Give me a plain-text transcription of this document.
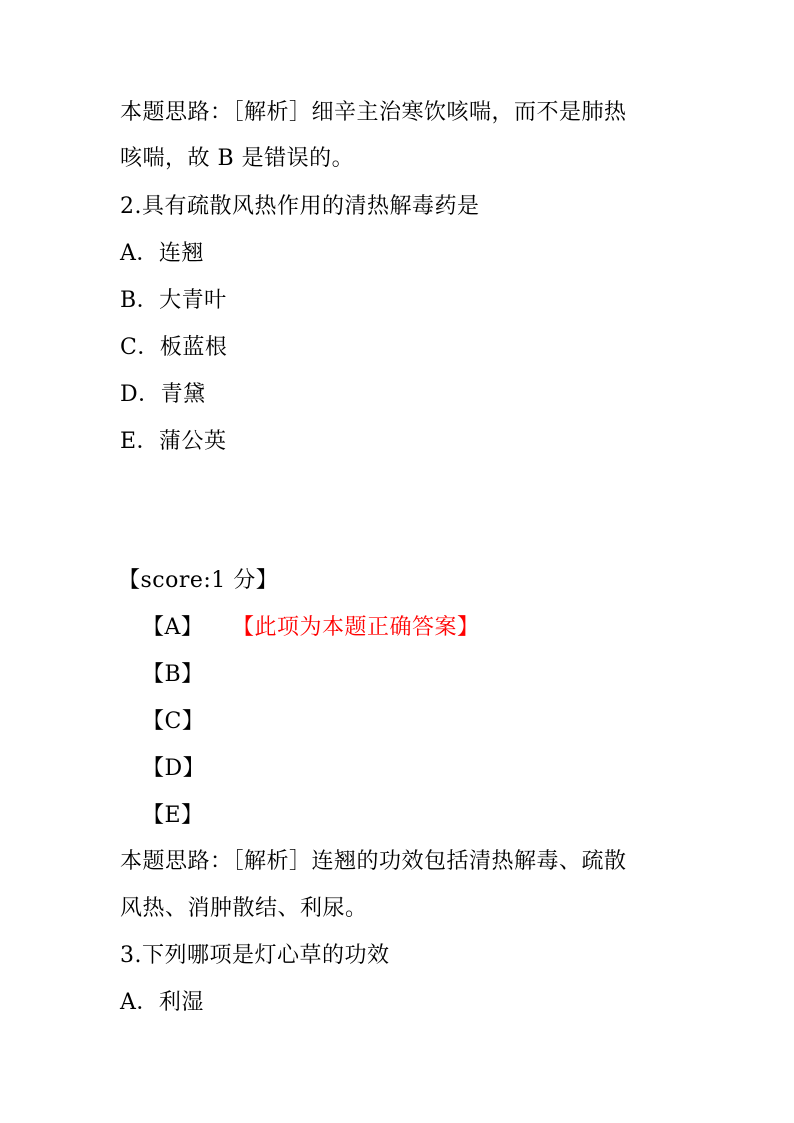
本题思路：［解析］细辛主治寒饮咳喘，而不是肺热
咳喘，故 B 是错误的。
2.具有疏散风热作用的清热解毒药是
A．连翘
B．大青叶
C．板蓝根
D．青黛
E．蒲公英
【score:1 分】
【A】 【此项为本题正确答案】
【B】
【C】
【D】
【E】
本题思路：［解析］连翘的功效包括清热解毒、疏散
风热、消肿散结、利尿。
3.下列哪项是灯心草的功效
A．利湿
